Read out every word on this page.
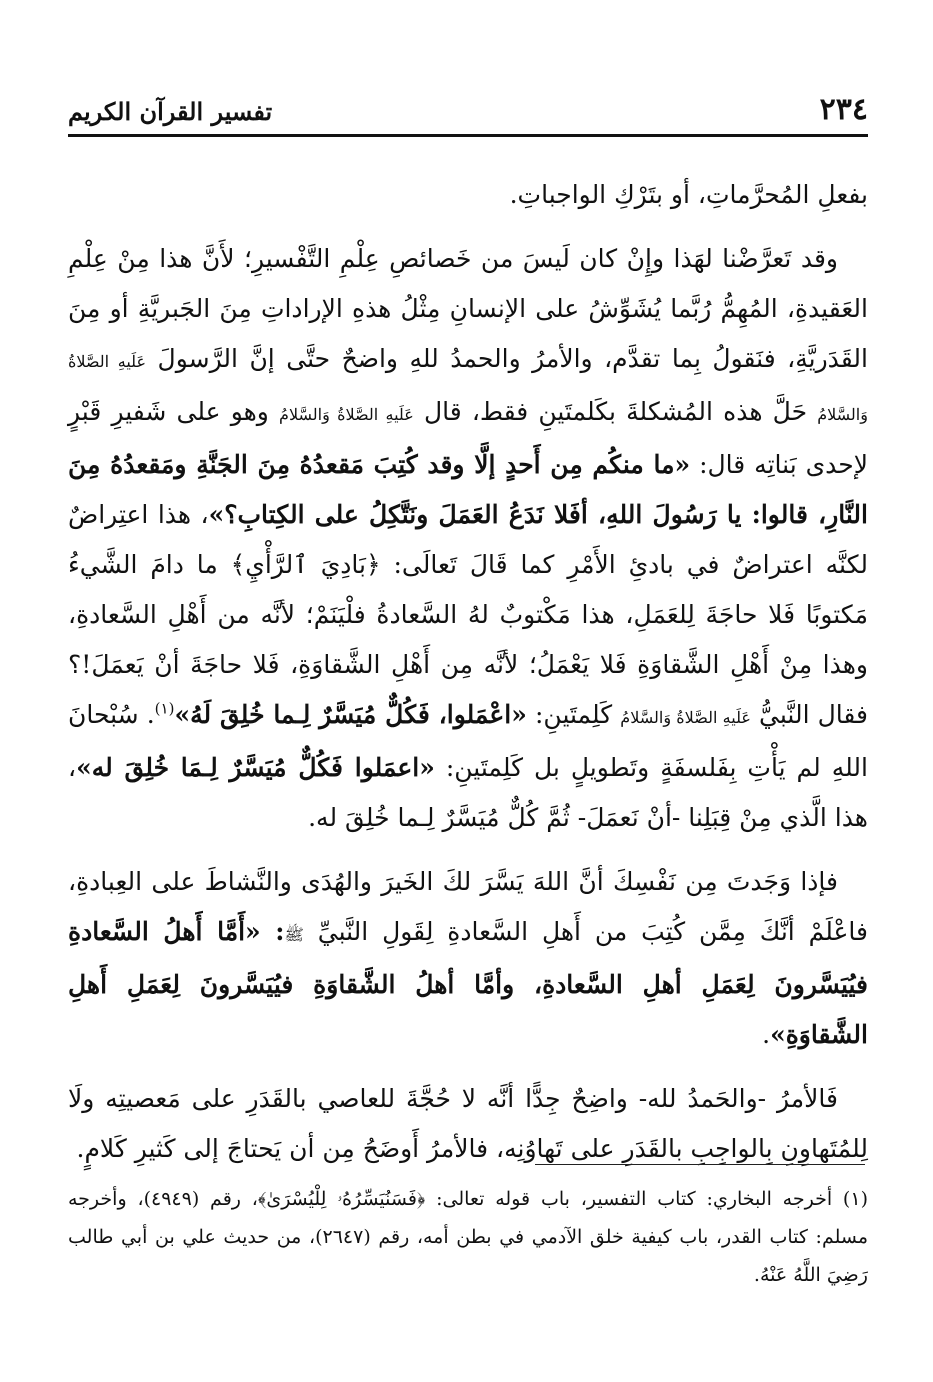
٢٣٤
تفسير القرآن الكريم

بفعلِ المُحرَّماتِ، أو بتَرْكِ الواجباتِ.

وقد تَعرَّضْنا لهَذا وإِنْ كان لَيسَ من خَصائصِ عِلْمِ التَّفْسيرِ؛ لأَنَّ هذا مِنْ عِلْمِ العَقيدةِ، المُهِمُّ رُبَّما يُشَوِّشُ على الإنسانِ مِثْلُ هذهِ الإراداتِ مِنَ الجَبريَّةِ أو مِنَ القَدَريَّةِ، فنَقولُ بِما تقدَّم، والأمرُ والحمدُ للهِ واضحٌ حتَّى إنَّ الرَّسولَ عَلَيهِ الصَّلاةُ وَالسَّلامُ حَلَّ هذه المُشكلةَ بكَلمتَينِ فقط، قال عَلَيهِ الصَّلاةُ وَالسَّلامُ وهو على شَفيرِ قَبْرٍ لإحدى بَناتِه قال: «ما منكُم مِن أَحدٍ إلَّا وقد كُتِبَ مَقعدُهُ مِنَ الجَنَّةِ ومَقعدُهُ مِنَ النَّارِ، قالوا: يا رَسُولَ اللهِ، أفَلا نَدَعُ العَمَلَ ونَتَّكِلُ على الكِتابِ؟»، هذا اعتِراضٌ لكنَّه اعتراضٌ في بادئِ الأَمْرِ كما قَالَ تَعالَى: ﴿بَادِيَ ٱلرَّأْيِ﴾ ما دامَ الشَّيءُ مَكتوبًا فَلا حاجَةَ لِلعَمَلِ، هذا مَكْتوبٌ لهُ السَّعادةُ فلْيَنَمْ؛ لأنَّه من أَهْلِ السَّعادةِ، وهذا مِنْ أَهْلِ الشَّقاوَةِ فَلا يَعْمَلُ؛ لأنَّه مِن أَهْلِ الشَّقاوَةِ، فَلا حاجَةَ أنْ يَعمَلَ!؟ فقال النَّبيُّ عَلَيهِ الصَّلاةُ وَالسَّلامُ كَلِمتَينِ: «اعْمَلوا، فَكُلٌّ مُيَسَّرٌ لِـما خُلِقَ لَهُ»$^{(١)}$. سُبْحانَ اللهِ لم يَأْتِ بِفَلسفَةٍ وتَطويلٍ بل كَلِمتَينِ: «اعمَلوا فَكُلٌّ مُيَسَّرٌ لِـمَا خُلِقَ له»، هذا الَّذي مِنْ قِبَلِنا -أنْ نَعمَلَ- ثُمَّ كُلٌّ مُيَسَّرٌ لِـما خُلِقَ له.

فإذا وَجَدتَ مِن نَفْسِكَ أنَّ اللهَ يَسَّرَ لكَ الخَيرَ والهُدَى والنَّشاطَ على العِبادةِ، فاعْلَمْ أنَّكَ مِمَّن كُتِبَ من أَهلِ السَّعادةِ لِقَولِ النَّبيِّ ﷺ: «أَمَّا أَهلُ السَّعادةِ فيُيَسَّرونَ لِعَمَلِ أهلِ السَّعادةِ، وأمَّا أهلُ الشَّقاوَةِ فيُيَسَّرونَ لِعَمَلِ أَهلِ الشَّقاوَةِ».

فَالأمرُ -والحَمدُ لله- واضِحٌ جِدًّا أنَّه لا حُجَّةَ للعاصي بالقَدَرِ على مَعصيتِه ولَا لِلمُتَهاوِنِ بِالواجِبِ بالقَدَرِ على تَهاوُنِه، فالأمرُ أَوضَحُ مِن أن يَحتاجَ إلى كَثيرِ كَلامٍ.

(١) أخرجه البخاري: كتاب التفسير، باب قوله تعالى: ﴿فَسَنُيَسِّرُهُۥ لِلْيُسْرَىٰ﴾، رقم (٤٩٤٩)، وأخرجه مسلم: كتاب القدر، باب كيفية خلق الآدمي في بطن أمه، رقم (٢٦٤٧)، من حديث علي بن أبي طالب رَضِيَ اللَّهُ عَنْهُ.
